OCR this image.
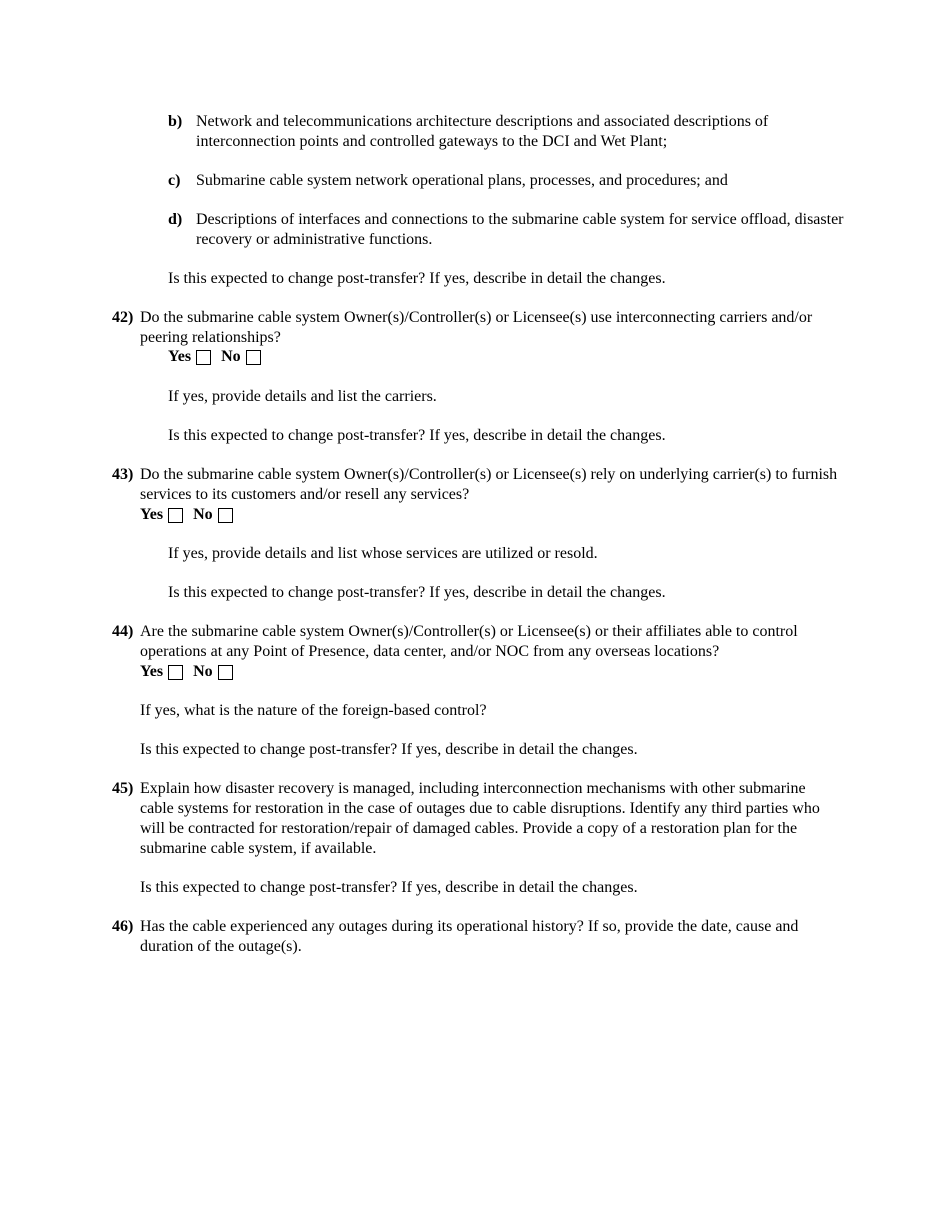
b) Network and telecommunications architecture descriptions and associated descriptions of interconnection points and controlled gateways to the DCI and Wet Plant;
c) Submarine cable system network operational plans, processes, and procedures; and
d) Descriptions of interfaces and connections to the submarine cable system for service offload, disaster recovery or administrative functions.
Is this expected to change post-transfer? If yes, describe in detail the changes.
42) Do the submarine cable system Owner(s)/Controller(s) or Licensee(s) use interconnecting carriers and/or peering relationships?
Yes No
If yes, provide details and list the carriers.
Is this expected to change post-transfer? If yes, describe in detail the changes.
43) Do the submarine cable system Owner(s)/Controller(s) or Licensee(s) rely on underlying carrier(s) to furnish services to its customers and/or resell any services?
Yes No
If yes, provide details and list whose services are utilized or resold.
Is this expected to change post-transfer? If yes, describe in detail the changes.
44) Are the submarine cable system Owner(s)/Controller(s) or Licensee(s) or their affiliates able to control operations at any Point of Presence, data center, and/or NOC from any overseas locations?
Yes No
If yes, what is the nature of the foreign-based control?
Is this expected to change post-transfer? If yes, describe in detail the changes.
45) Explain how disaster recovery is managed, including interconnection mechanisms with other submarine cable systems for restoration in the case of outages due to cable disruptions. Identify any third parties who will be contracted for restoration/repair of damaged cables. Provide a copy of a restoration plan for the submarine cable system, if available.
Is this expected to change post-transfer? If yes, describe in detail the changes.
46) Has the cable experienced any outages during its operational history? If so, provide the date, cause and duration of the outage(s).
